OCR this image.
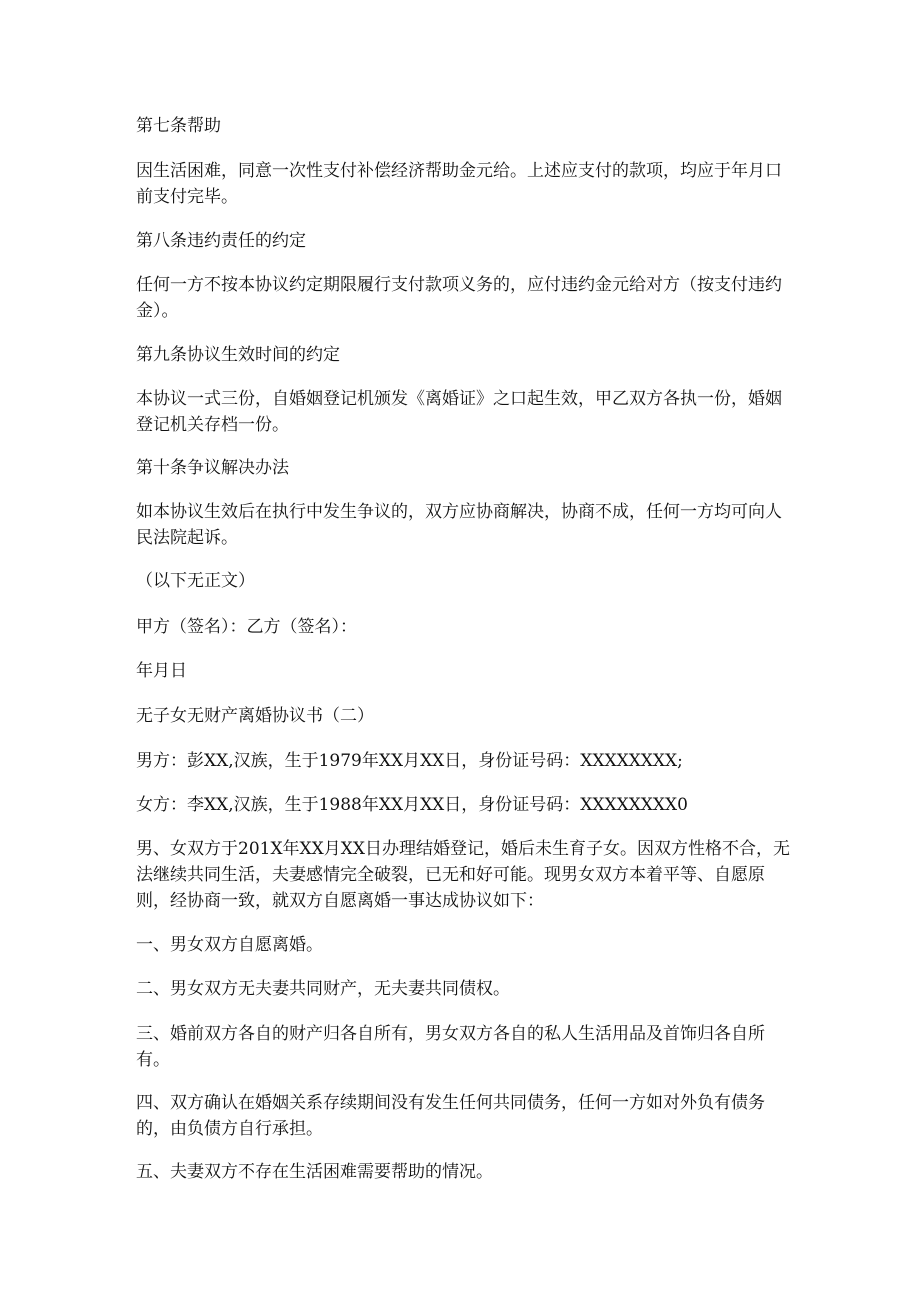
第七条帮助

因生活困难，同意一次性支付补偿经济帮助金元给。上述应支付的款项，均应于年月口前支付完毕。

第八条违约责任的约定

任何一方不按本协议约定期限履行支付款项义务的，应付违约金元给对方（按支付违约金）。

第九条协议生效时间的约定

本协议一式三份，自婚姻登记机颁发《离婚证》之口起生效，甲乙双方各执一份，婚姻登记机关存档一份。

第十条争议解决办法

如本协议生效后在执行中发生争议的，双方应协商解决，协商不成，任何一方均可向人民法院起诉。

（以下无正文）

甲方（签名）：乙方（签名）：

年月日

无子女无财产离婚协议书（二）

男方：彭XX,汉族，生于1979年XX月XX日，身份证号码：XXXXXXXX;

女方：李XX,汉族，生于1988年XX月XX日，身份证号码：XXXXXXXX0

男、女双方于201X年XX月XX日办理结婚登记，婚后未生育子女。因双方性格不合，无法继续共同生活，夫妻感情完全破裂，已无和好可能。现男女双方本着平等、自愿原则，经协商一致，就双方自愿离婚一事达成协议如下：

一、男女双方自愿离婚。

二、男女双方无夫妻共同财产，无夫妻共同债权。

三、婚前双方各自的财产归各自所有，男女双方各自的私人生活用品及首饰归各自所有。

四、双方确认在婚姻关系存续期间没有发生任何共同债务，任何一方如对外负有债务的，由负债方自行承担。

五、夫妻双方不存在生活困难需要帮助的情况。
